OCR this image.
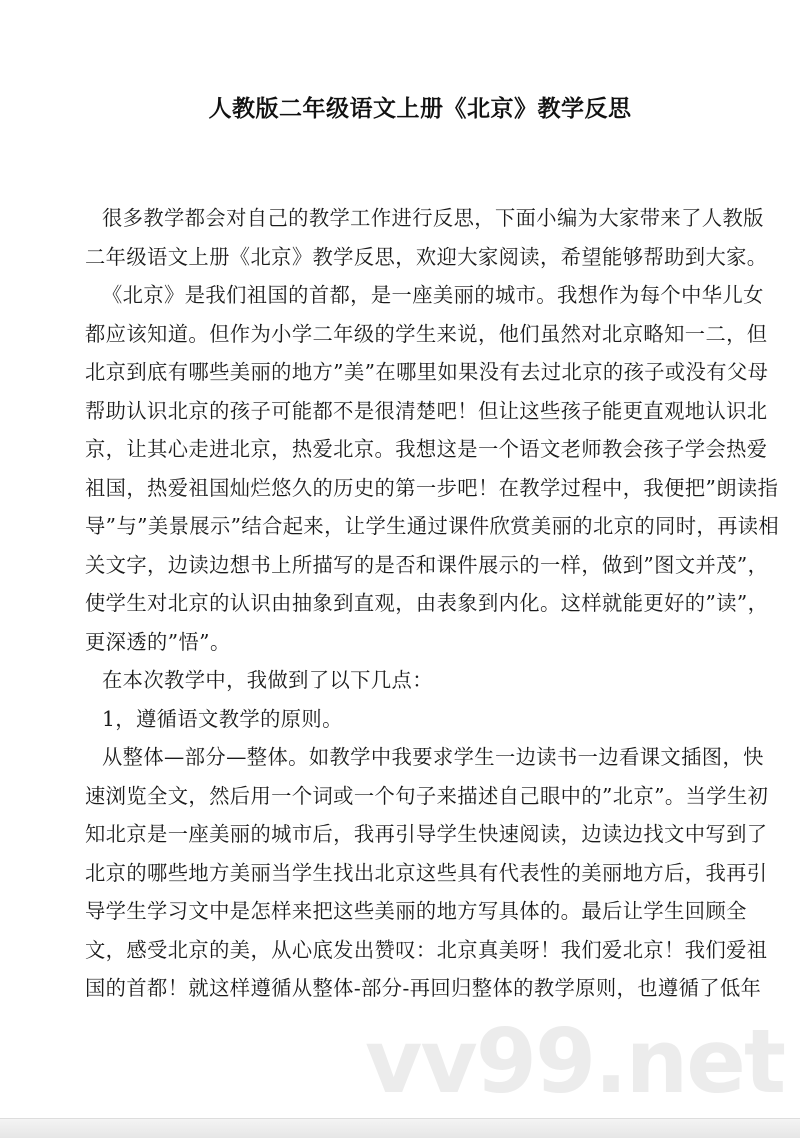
vv99.net
人教版二年级语文上册《北京》教学反思
很多教学都会对自己的教学工作进行反思，下面小编为大家带来了人教版
二年级语文上册《北京》教学反思，欢迎大家阅读，希望能够帮助到大家。
《北京》是我们祖国的首都，是一座美丽的城市。我想作为每个中华儿女
都应该知道。但作为小学二年级的学生来说，他们虽然对北京略知一二，但
北京到底有哪些美丽的地方”美”在哪里如果没有去过北京的孩子或没有父母
帮助认识北京的孩子可能都不是很清楚吧！但让这些孩子能更直观地认识北
京，让其心走进北京，热爱北京。我想这是一个语文老师教会孩子学会热爱
祖国，热爱祖国灿烂悠久的历史的第一步吧！在教学过程中，我便把”朗读指
导”与”美景展示”结合起来，让学生通过课件欣赏美丽的北京的同时，再读相
关文字，边读边想书上所描写的是否和课件展示的一样，做到”图文并茂”，
使学生对北京的认识由抽象到直观，由表象到内化。这样就能更好的”读”，
更深透的”悟”。
在本次教学中，我做到了以下几点：
1，遵循语文教学的原则。
从整体—部分—整体。如教学中我要求学生一边读书一边看课文插图，快
速浏览全文，然后用一个词或一个句子来描述自己眼中的”北京”。当学生初
知北京是一座美丽的城市后，我再引导学生快速阅读，边读边找文中写到了
北京的哪些地方美丽当学生找出北京这些具有代表性的美丽地方后，我再引
导学生学习文中是怎样来把这些美丽的地方写具体的。最后让学生回顾全
文，感受北京的美，从心底发出赞叹：北京真美呀！我们爱北京！我们爱祖
国的首都！就这样遵循从整体-部分-再回归整体的教学原则，也遵循了低年
